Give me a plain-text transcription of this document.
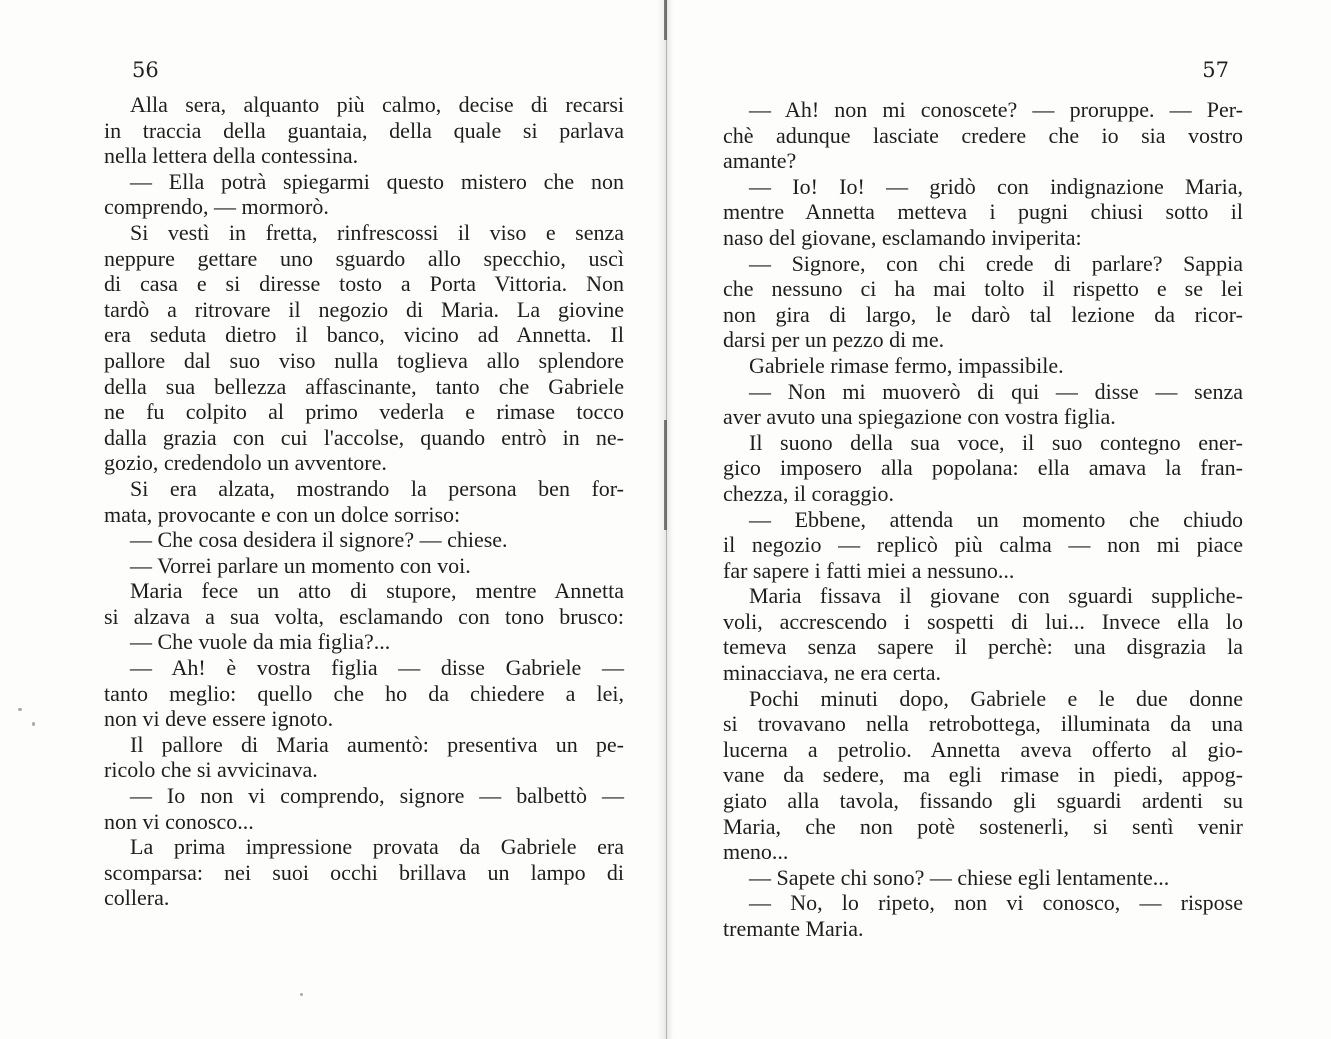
56
Alla sera, alquanto più calmo, decise di recarsi
in traccia della guantaia, della quale si parlava
nella lettera della contessina.
— Ella potrà spiegarmi questo mistero che non
comprendo, — mormorò.
Si vestì in fretta, rinfrescossi il viso e senza
neppure gettare uno sguardo allo specchio, uscì
di casa e si diresse tosto a Porta Vittoria. Non
tardò a ritrovare il negozio di Maria. La giovine
era seduta dietro il banco, vicino ad Annetta. Il
pallore dal suo viso nulla toglieva allo splendore
della sua bellezza affascinante, tanto che Gabriele
ne fu colpito al primo vederla e rimase tocco
dalla grazia con cui l'accolse, quando entrò in ne-
gozio, credendolo un avventore.
Si era alzata, mostrando la persona ben for-
mata, provocante e con un dolce sorriso:
— Che cosa desidera il signore? — chiese.
— Vorrei parlare un momento con voi.
Maria fece un atto di stupore, mentre Annetta
si alzava a sua volta, esclamando con tono brusco:
— Che vuole da mia figlia?...
— Ah! è vostra figlia — disse Gabriele —
tanto meglio: quello che ho da chiedere a lei,
non vi deve essere ignoto.
Il pallore di Maria aumentò: presentiva un pe-
ricolo che si avvicinava.
— Io non vi comprendo, signore — balbettò —
non vi conosco...
La prima impressione provata da Gabriele era
scomparsa: nei suoi occhi brillava un lampo di
collera.
57
— Ah! non mi conoscete? — proruppe. — Per-
chè adunque lasciate credere che io sia vostro
amante?
— Io! Io! — gridò con indignazione Maria,
mentre Annetta metteva i pugni chiusi sotto il
naso del giovane, esclamando inviperita:
— Signore, con chi crede di parlare? Sappia
che nessuno ci ha mai tolto il rispetto e se lei
non gira di largo, le darò tal lezione da ricor-
darsi per un pezzo di me.
Gabriele rimase fermo, impassibile.
— Non mi muoverò di qui — disse — senza
aver avuto una spiegazione con vostra figlia.
Il suono della sua voce, il suo contegno ener-
gico imposero alla popolana: ella amava la fran-
chezza, il coraggio.
— Ebbene, attenda un momento che chiudo
il negozio — replicò più calma — non mi piace
far sapere i fatti miei a nessuno...
Maria fissava il giovane con sguardi suppliche-
voli, accrescendo i sospetti di lui... Invece ella lo
temeva senza sapere il perchè: una disgrazia la
minacciava, ne era certa.
Pochi minuti dopo, Gabriele e le due donne
si trovavano nella retrobottega, illuminata da una
lucerna a petrolio. Annetta aveva offerto al gio-
vane da sedere, ma egli rimase in piedi, appog-
giato alla tavola, fissando gli sguardi ardenti su
Maria, che non potè sostenerli, si sentì venir
meno...
— Sapete chi sono? — chiese egli lentamente...
— No, lo ripeto, non vi conosco, — rispose
tremante Maria.
